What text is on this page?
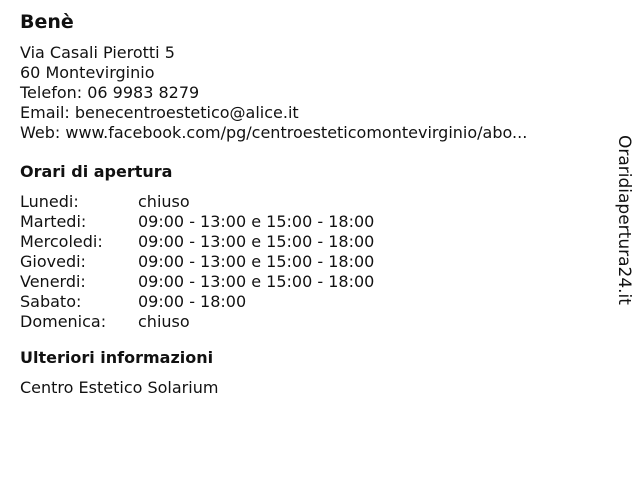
Benè
Via Casali Pierotti 5
60 Montevirginio
Telefon: 06 9983 8279
Email: benecentroestetico@alice.it
Web: www.facebook.com/pg/centroesteticomontevirginio/abo...
Orari di apertura
Lunedi:	chiuso
Martedi:	09:00 - 13:00 e 15:00 - 18:00
Mercoledi:	09:00 - 13:00 e 15:00 - 18:00
Giovedi:	09:00 - 13:00 e 15:00 - 18:00
Venerdi:	09:00 - 13:00 e 15:00 - 18:00
Sabato:	09:00 - 18:00
Domenica:	chiuso
Ulteriori informazioni
Centro Estetico Solarium
Oraridiapertura24.it
